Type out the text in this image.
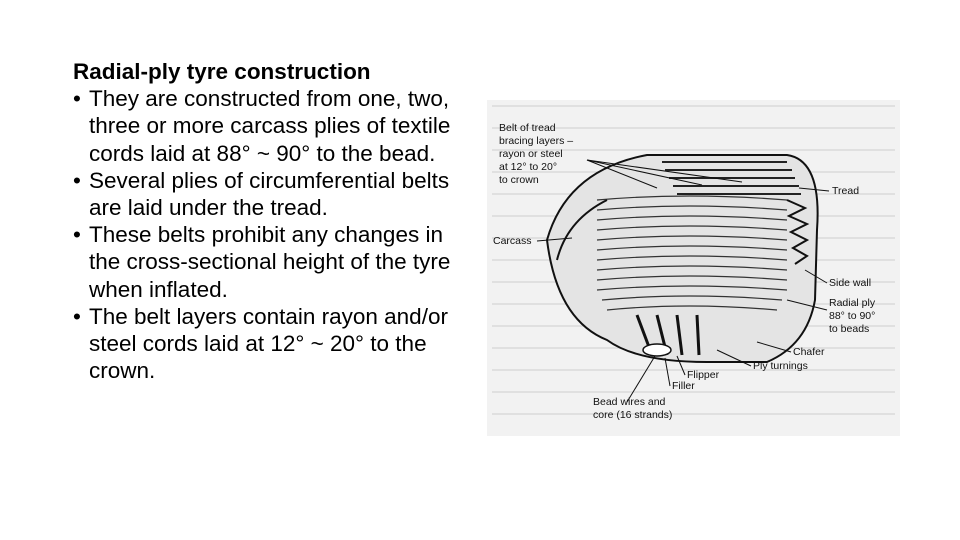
Radial-ply tyre construction

• They are constructed from one, two, three or more carcass plies of textile cords laid at 88° ~ 90° to the bead.
• Several plies of circumferential belts are laid under the tread.
• These belts prohibit any changes in the cross-sectional height of the tyre when inflated.
• The belt layers contain rayon and/or steel cords laid at 12° ~ 20° to the crown.
Belt of tread
bracing layers –
rayon or steel
at 12° to 20°
to crown
Tread
Carcass
Side wall
Radial ply
88° to 90°
to beads
Chafer
Ply turnings
Flipper
Filler
Bead wires and
core (16 strands)
